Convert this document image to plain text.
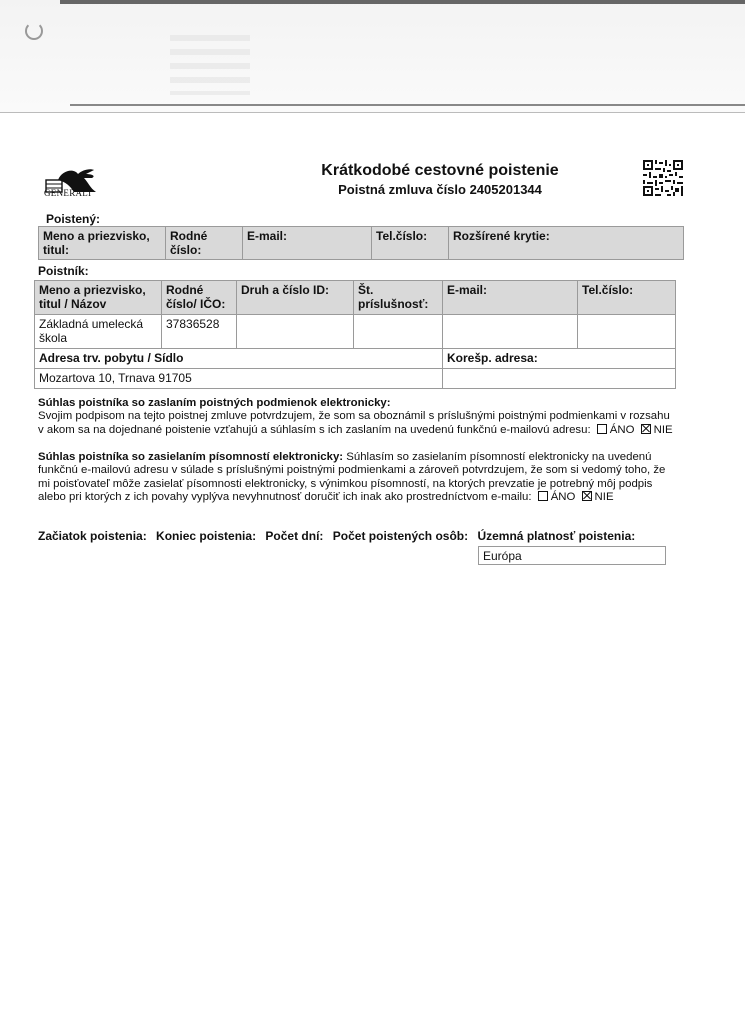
GENERALI
Krátkodobé cestovné poistenie
Poistná zmluva číslo 2405201344
Poistený:
Meno a priezvisko, titul:	Rodné číslo:	E-mail:	Tel.číslo:	Rozšírené krytie:
Poistník:
Meno a priezvisko, titul / Názov	Rodné číslo/ IČO:	Druh a číslo ID:	Št. príslušnosť:	E-mail:	Tel.číslo:
Základná umelecká škola	37836528				
Adresa trv. pobytu / Sídlo				Korešp. adresa:	
Mozartova 10, Trnava 91705					
Súhlas poistníka so zaslaním poistných podmienok elektronicky:
Svojim podpisom na tejto poistnej zmluve potvrdzujem, že som sa oboznámil s príslušnými poistnými podmienkami v rozsahu v akom sa na dojednané poistenie vzťahujú a súhlasím s ich zaslaním na uvedenú funkčnú e-mailovú adresu: ÁNO NIE
Súhlas poistníka so zasielaním písomností elektronicky: Súhlasím so zasielaním písomností elektronicky na uvedenú funkčnú e-mailovú adresu v súlade s príslušnými poistnými podmienkami a zároveň potvrdzujem, že som si vedomý toho, že mi poisťovateľ môže zasielať písomnosti elektronicky, s výnimkou písomností, na ktorých prevzatie je potrebný môj podpis alebo pri ktorých z ich povahy vyplýva nevyhnutnosť doručiť ich inak ako prostredníctvom e-mailu: ÁNO NIE
Začiatok poistenia: Koniec poistenia: Počet dní: Počet poistených osôb: Územná platnosť poistenia:
Európa
